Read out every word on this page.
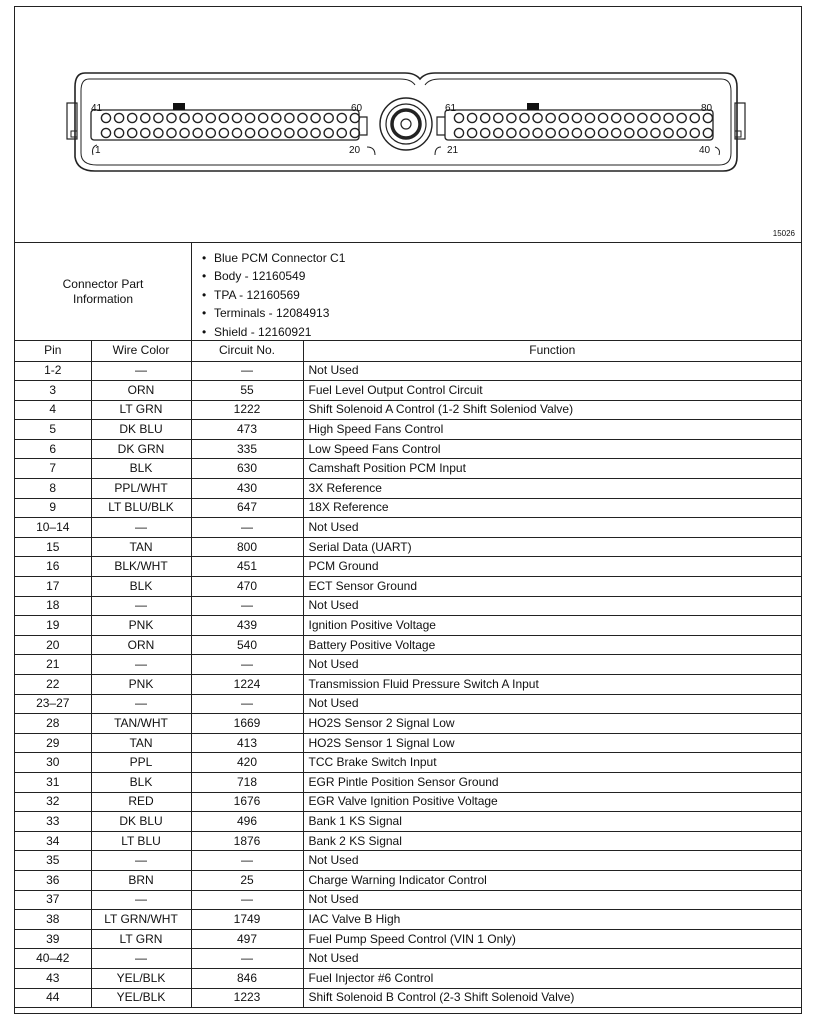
41	60
1	20
61	80
21	40
15026
Connector Part Information
• Blue PCM Connector C1
• Body - 12160549
• TPA - 12160569
• Terminals - 12084913
• Shield - 12160921
Pin	Wire Color	Circuit No.	Function
1-2	—	—	Not Used
3	ORN	55	Fuel Level Output Control Circuit
4	LT GRN	1222	Shift Solenoid A Control (1-2 Shift Soleniod Valve)
5	DK BLU	473	High Speed Fans Control
6	DK GRN	335	Low Speed Fans Control
7	BLK	630	Camshaft Position PCM Input
8	PPL/WHT	430	3X Reference
9	LT BLU/BLK	647	18X Reference
10–14	—	—	Not Used
15	TAN	800	Serial Data (UART)
16	BLK/WHT	451	PCM Ground
17	BLK	470	ECT Sensor Ground
18	—	—	Not Used
19	PNK	439	Ignition Positive Voltage
20	ORN	540	Battery Positive Voltage
21	—	—	Not Used
22	PNK	1224	Transmission Fluid Pressure Switch A Input
23–27	—	—	Not Used
28	TAN/WHT	1669	HO2S Sensor 2 Signal Low
29	TAN	413	HO2S Sensor 1 Signal Low
30	PPL	420	TCC Brake Switch Input
31	BLK	718	EGR Pintle Position Sensor Ground
32	RED	1676	EGR Valve Ignition Positive Voltage
33	DK BLU	496	Bank 1 KS Signal
34	LT BLU	1876	Bank 2 KS Signal
35	—	—	Not Used
36	BRN	25	Charge Warning Indicator Control
37	—	—	Not Used
38	LT GRN/WHT	1749	IAC Valve B High
39	LT GRN	497	Fuel Pump Speed Control (VIN 1 Only)
40–42	—	—	Not Used
43	YEL/BLK	846	Fuel Injector #6 Control
44	YEL/BLK	1223	Shift Solenoid B Control (2-3 Shift Solenoid Valve)
